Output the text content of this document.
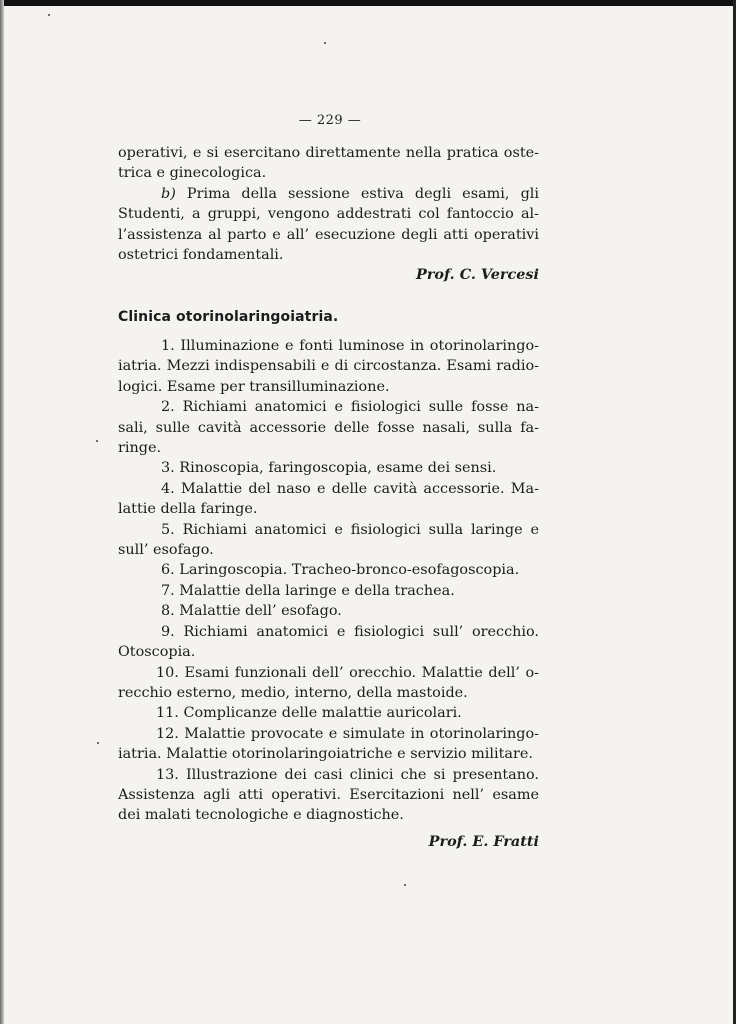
— 229 —

operativi, e si esercitano direttamente nella pratica oste-trica e ginecologica.

b) Prima della sessione estiva degli esami, gli Studenti, a gruppi, vengono addestrati col fantoccio al-l’assistenza al parto e all’ esecuzione degli atti operativi ostetrici fondamentali.

Prof. C. Vercesi

Clinica otorinolaringoiatria.

1. Illuminazione e fonti luminose in otorinolaringo-iatria. Mezzi indispensabili e di circostanza. Esami radio-logici. Esame per transilluminazione.

2. Richiami anatomici e fisiologici sulle fosse na-sali, sulle cavità accessorie delle fosse nasali, sulla fa-ringe.

3. Rinoscopia, faringoscopia, esame dei sensi.

4. Malattie del naso e delle cavità accessorie. Ma-lattie della faringe.

5. Richiami anatomici e fisiologici sulla laringe e sull’ esofago.

6. Laringoscopia. Tracheo-bronco-esofagoscopia.

7. Malattie della laringe e della trachea.

8. Malattie dell’ esofago.

9. Richiami anatomici e fisiologici sull’ orecchio. Otoscopia.

10. Esami funzionali dell’ orecchio. Malattie dell’ o-recchio esterno, medio, interno, della mastoide.

11. Complicanze delle malattie auricolari.

12. Malattie provocate e simulate in otorinolaringo-iatria. Malattie otorinolaringoiatriche e servizio militare.

13. Illustrazione dei casi clinici che si presentano. Assistenza agli atti operativi. Esercitazioni nell’ esame dei malati tecnologiche e diagnostiche.

Prof. E. Fratti
